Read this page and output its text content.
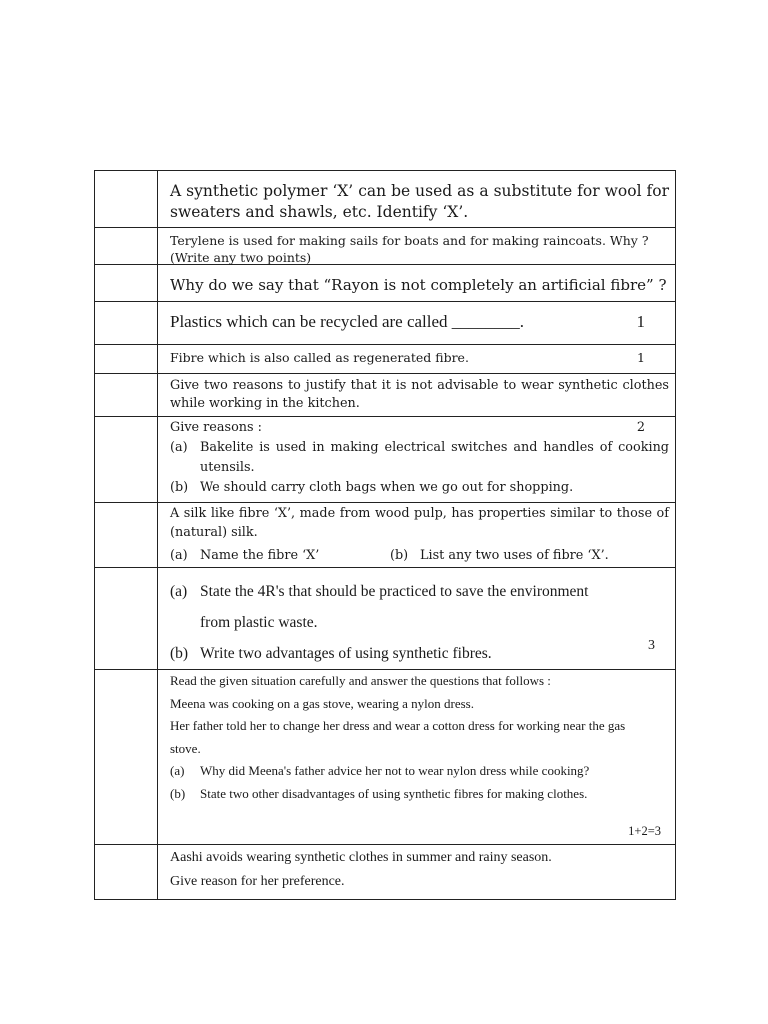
A synthetic polymer ‘X’ can be used as a substitute for wool for sweaters and shawls, etc. Identify ‘X’.

Terylene is used for making sails for boats and for making raincoats. Why ?

(Write any two points)

Why do we say that “Rayon is not completely an artificial fibre” ?

Plastics which can be recycled are called ________.	1

Fibre which is also called as regenerated fibre.	1

Give two reasons to justify that it is not advisable to wear synthetic clothes while working in the kitchen.

Give reasons :	2
(a) Bakelite is used in making electrical switches and handles of cooking utensils.
(b) We should carry cloth bags when we go out for shopping.

A silk like fibre ‘X’, made from wood pulp, has properties similar to those of (natural) silk.

(a) Name the fibre ‘X’	(b) List any two uses of fibre ‘X’.
(a) State the 4R's that should be practiced to save the environment from plastic waste.
(b) Write two advantages of using synthetic fibres.	3

Read the given situation carefully and answer the questions that follows :

Meena was cooking on a gas stove, wearing a nylon dress.

Her father told her to change her dress and wear a cotton dress for working near the gas stove.

(a)	Why did Meena's father advice her not to wear nylon dress while cooking?
(b)	State two other disadvantages of using synthetic fibres for making clothes.
1+2=3

Aashi avoids wearing synthetic clothes in summer and rainy season.

Give reason for her preference.
